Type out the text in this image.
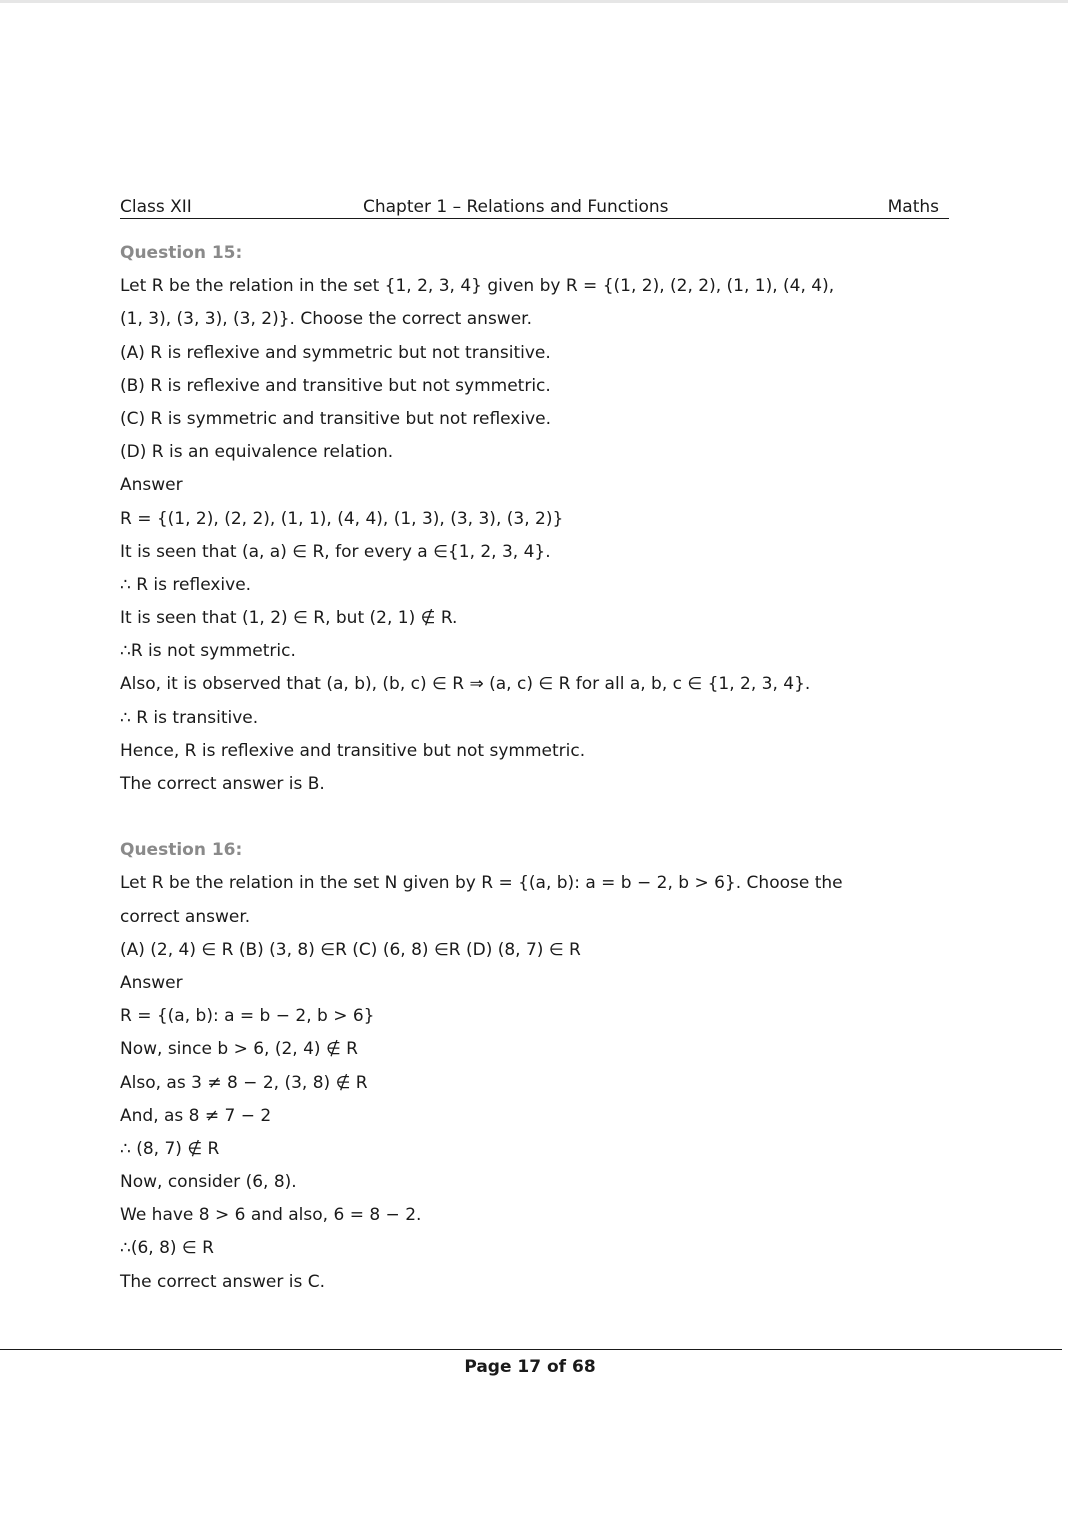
Class XII	Chapter 1 – Relations and Functions	Maths
Question 15:
Let R be the relation in the set {1, 2, 3, 4} given by R = {(1, 2), (2, 2), (1, 1), (4, 4),
(1, 3), (3, 3), (3, 2)}. Choose the correct answer.
(A) R is reflexive and symmetric but not transitive.
(B) R is reflexive and transitive but not symmetric.
(C) R is symmetric and transitive but not reflexive.
(D) R is an equivalence relation.
Answer
R = {(1, 2), (2, 2), (1, 1), (4, 4), (1, 3), (3, 3), (3, 2)}
It is seen that (a, a) ∈ R, for every a ∈{1, 2, 3, 4}.
∴ R is reflexive.
It is seen that (1, 2) ∈ R, but (2, 1) ∉ R.
∴R is not symmetric.
Also, it is observed that (a, b), (b, c) ∈ R ⇒ (a, c) ∈ R for all a, b, c ∈ {1, 2, 3, 4}.
∴ R is transitive.
Hence, R is reflexive and transitive but not symmetric.
The correct answer is B.
Question 16:
Let R be the relation in the set N given by R = {(a, b): a = b − 2, b > 6}. Choose the
correct answer.
(A) (2, 4) ∈ R (B) (3, 8) ∈R (C) (6, 8) ∈R (D) (8, 7) ∈ R
Answer
R = {(a, b): a = b − 2, b > 6}
Now, since b > 6, (2, 4) ∉ R
Also, as 3 ≠ 8 − 2, (3, 8) ∉ R
And, as 8 ≠ 7 − 2
∴ (8, 7) ∉ R
Now, consider (6, 8).
We have 8 > 6 and also, 6 = 8 − 2.
∴(6, 8) ∈ R
The correct answer is C.
Page 17 of 68
